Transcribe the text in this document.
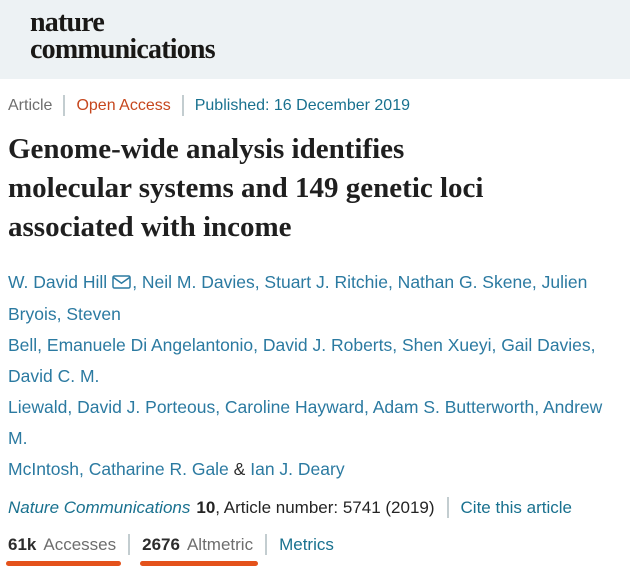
nature
communications
Article Open Access Published: 16 December 2019
Genome-wide analysis identifies
molecular systems and 149 genetic loci
associated with income
W. David Hill , Neil M. Davies, Stuart J. Ritchie, Nathan G. Skene, Julien Bryois, Steven
Bell, Emanuele Di Angelantonio, David J. Roberts, Shen Xueyi, Gail Davies, David C. M.
Liewald, David J. Porteous, Caroline Hayward, Adam S. Butterworth, Andrew M.
McIntosh, Catharine R. Gale & Ian J. Deary
Nature Communications 10 , Article number: 5741 (2019) Cite this article
61k Accesses 2676 Altmetric Metrics
